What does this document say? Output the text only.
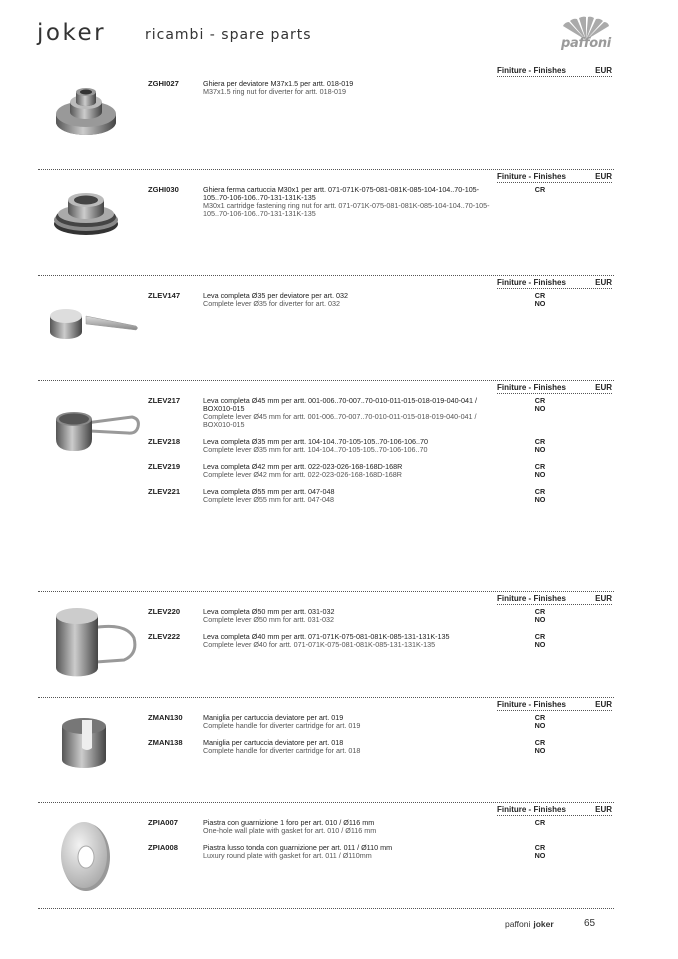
joker	ricambi - spare parts
paffoni
Finiture - Finishes	EUR
ZGHI027	Ghiera per deviatore M37x1.5 per artt. 018-019
M37x1.5 ring nut for diverter for artt. 018-019
Finiture - Finishes	EUR
ZGHI030	Ghiera ferma cartuccia M30x1 per artt. 071-071K-075-081-081K-085-104-104..70-105-105..70-106-106..70-131-131K-135
M30x1 cartridge fastening ring nut for artt. 071-071K-075-081-081K-085-104-104..70-105-105..70-106-106..70-131-131K-135
CR
Finiture - Finishes	EUR
ZLEV147	Leva completa Ø35 per deviatore per art. 032
Complete lever Ø35 for diverter for art. 032
CR
NO
Finiture - Finishes	EUR
ZLEV217	Leva completa Ø45 mm per artt. 001-006..70-007..70-010-011-015-018-019-040-041 / BOX010-015
Complete lever Ø45 mm for artt. 001-006..70-007..70-010-011-015-018-019-040-041 / BOX010-015
CR
NO
ZLEV218	Leva completa Ø35 mm per artt. 104-104..70-105-105..70-106-106..70
Complete lever Ø35 mm for artt. 104-104..70-105-105..70-106-106..70
CR
NO
ZLEV219	Leva completa Ø42 mm per artt. 022-023-026-168-168D-168R
Complete lever Ø42 mm for artt. 022-023-026-168-168D-168R
CR
NO
ZLEV221	Leva completa Ø55 mm per artt. 047-048
Complete lever Ø55 mm for artt. 047-048
CR
NO
Finiture - Finishes	EUR
ZLEV220	Leva completa Ø50 mm per artt. 031-032
Complete lever Ø50 mm for artt. 031-032
CR
NO
ZLEV222	Leva completa Ø40 mm per artt. 071-071K-075-081-081K-085-131-131K-135
Complete lever Ø40 for artt. 071-071K-075-081-081K-085-131-131K-135
CR
NO
Finiture - Finishes	EUR
ZMAN130	Maniglia per cartuccia deviatore per art. 019
Complete handle for diverter cartridge for art. 019
CR
NO
ZMAN138	Maniglia per cartuccia deviatore per art. 018
Complete handle for diverter cartridge for art. 018
CR
NO
Finiture - Finishes	EUR
ZPIA007	Piastra con guarnizione 1 foro per art. 010 / Ø116 mm
One-hole wall plate with gasket for art. 010 / Ø116 mm
CR
ZPIA008	Piastra lusso tonda con guarnizione per art. 011 / Ø110 mm
Luxury round plate with gasket for art. 011 / Ø110mm
CR
NO
paffoni joker	65
